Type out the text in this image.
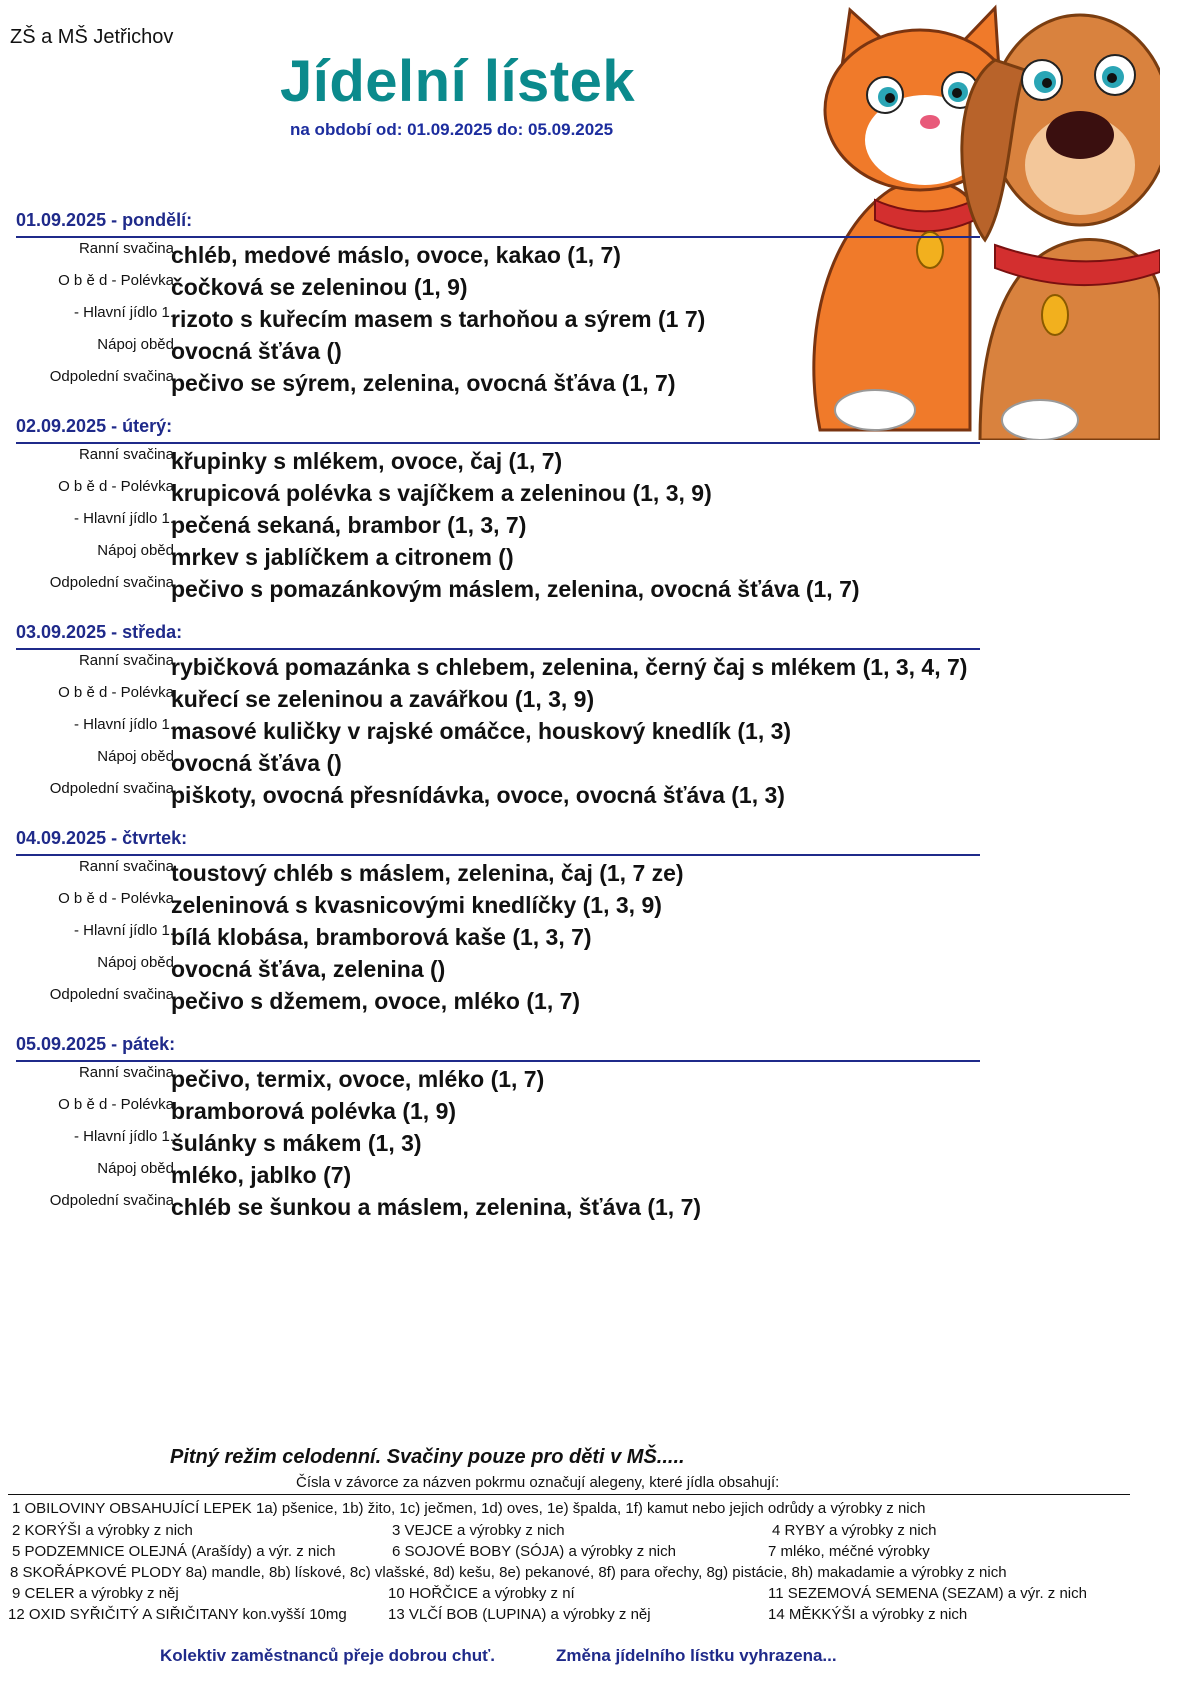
ZŠ a MŠ Jetřichov
Jídelní lístek
na období od: 01.09.2025 do: 05.09.2025
01.09.2025 - pondělí:
Ranní svačina
chléb, medové máslo, ovoce, kakao (1, 7)
O b ě d - Polévka
čočková se zeleninou (1, 9)
- Hlavní jídlo 1.
rizoto s kuřecím masem s tarhoňou a sýrem (1 7)
Nápoj oběd
ovocná šťáva ()
Odpolední svačina
pečivo se sýrem, zelenina, ovocná šťáva (1, 7)
02.09.2025 - úterý:
Ranní svačina
křupinky s mlékem, ovoce, čaj (1, 7)
O b ě d - Polévka
krupicová polévka s vajíčkem a zeleninou (1, 3, 9)
- Hlavní jídlo 1.
pečená sekaná, brambor (1, 3, 7)
Nápoj oběd
mrkev s jablíčkem a citronem ()
Odpolední svačina
pečivo s pomazánkovým máslem, zelenina, ovocná šťáva (1, 7)
03.09.2025 - středa:
Ranní svačina
rybičková pomazánka s chlebem, zelenina, černý čaj s mlékem (1, 3, 4, 7)
O b ě d - Polévka
kuřecí se zeleninou a zavářkou (1, 3, 9)
- Hlavní jídlo 1.
masové kuličky v rajské omáčce, houskový knedlík (1, 3)
Nápoj oběd
ovocná šťáva ()
Odpolední svačina
piškoty, ovocná přesnídávka, ovoce, ovocná šťáva (1, 3)
04.09.2025 - čtvrtek:
Ranní svačina
toustový chléb s máslem, zelenina, čaj (1, 7 ze)
O b ě d - Polévka
zeleninová s kvasnicovými knedlíčky (1, 3, 9)
- Hlavní jídlo 1.
bílá klobása, bramborová kaše (1, 3, 7)
Nápoj oběd
ovocná šťáva, zelenina ()
Odpolední svačina
pečivo s džemem, ovoce, mléko (1, 7)
05.09.2025 - pátek:
Ranní svačina
pečivo, termix, ovoce, mléko (1, 7)
O b ě d - Polévka
bramborová polévka (1, 9)
- Hlavní jídlo 1.
šulánky s mákem (1, 3)
Nápoj oběd
mléko, jablko (7)
Odpolední svačina
chléb se šunkou a máslem, zelenina, šťáva (1, 7)
Pitný režim celodenní. Svačiny pouze pro děti v MŠ.....
Čísla v závorce za názven pokrmu označují alegeny, které jídla obsahují:
1 OBILOVINY OBSAHUJÍCÍ LEPEK 1a) pšenice, 1b) žito, 1c) ječmen, 1d) oves, 1e) špalda, 1f) kamut nebo jejich odrůdy a výrobky z nich
2 KORÝŠI a výrobky z nich	3 VEJCE a výrobky z nich	4 RYBY a výrobky z nich
5 PODZEMNICE OLEJNÁ (Arašídy) a výr. z nich	6 SOJOVÉ BOBY (SÓJA) a výrobky z nich	7 mléko, méčné výrobky
8 SKOŘÁPKOVÉ PLODY 8a) mandle, 8b) lískové, 8c) vlašské, 8d) kešu, 8e) pekanové, 8f) para ořechy, 8g) pistácie, 8h) makadamie a výrobky z nich
9 CELER a výrobky z něj	10 HOŘČICE a výrobky z ní	11 SEZEMOVÁ SEMENA (SEZAM) a výr. z nich
12 OXID SYŘIČITÝ A SIŘIČITANY kon.vyšší 10mg	13 VLČÍ BOB (LUPINA) a výrobky z něj	14 MĚKKÝŠI a výrobky z nich
Kolektiv zaměstnanců přeje dobrou chuť.	Změna jídelního lístku vyhrazena...
